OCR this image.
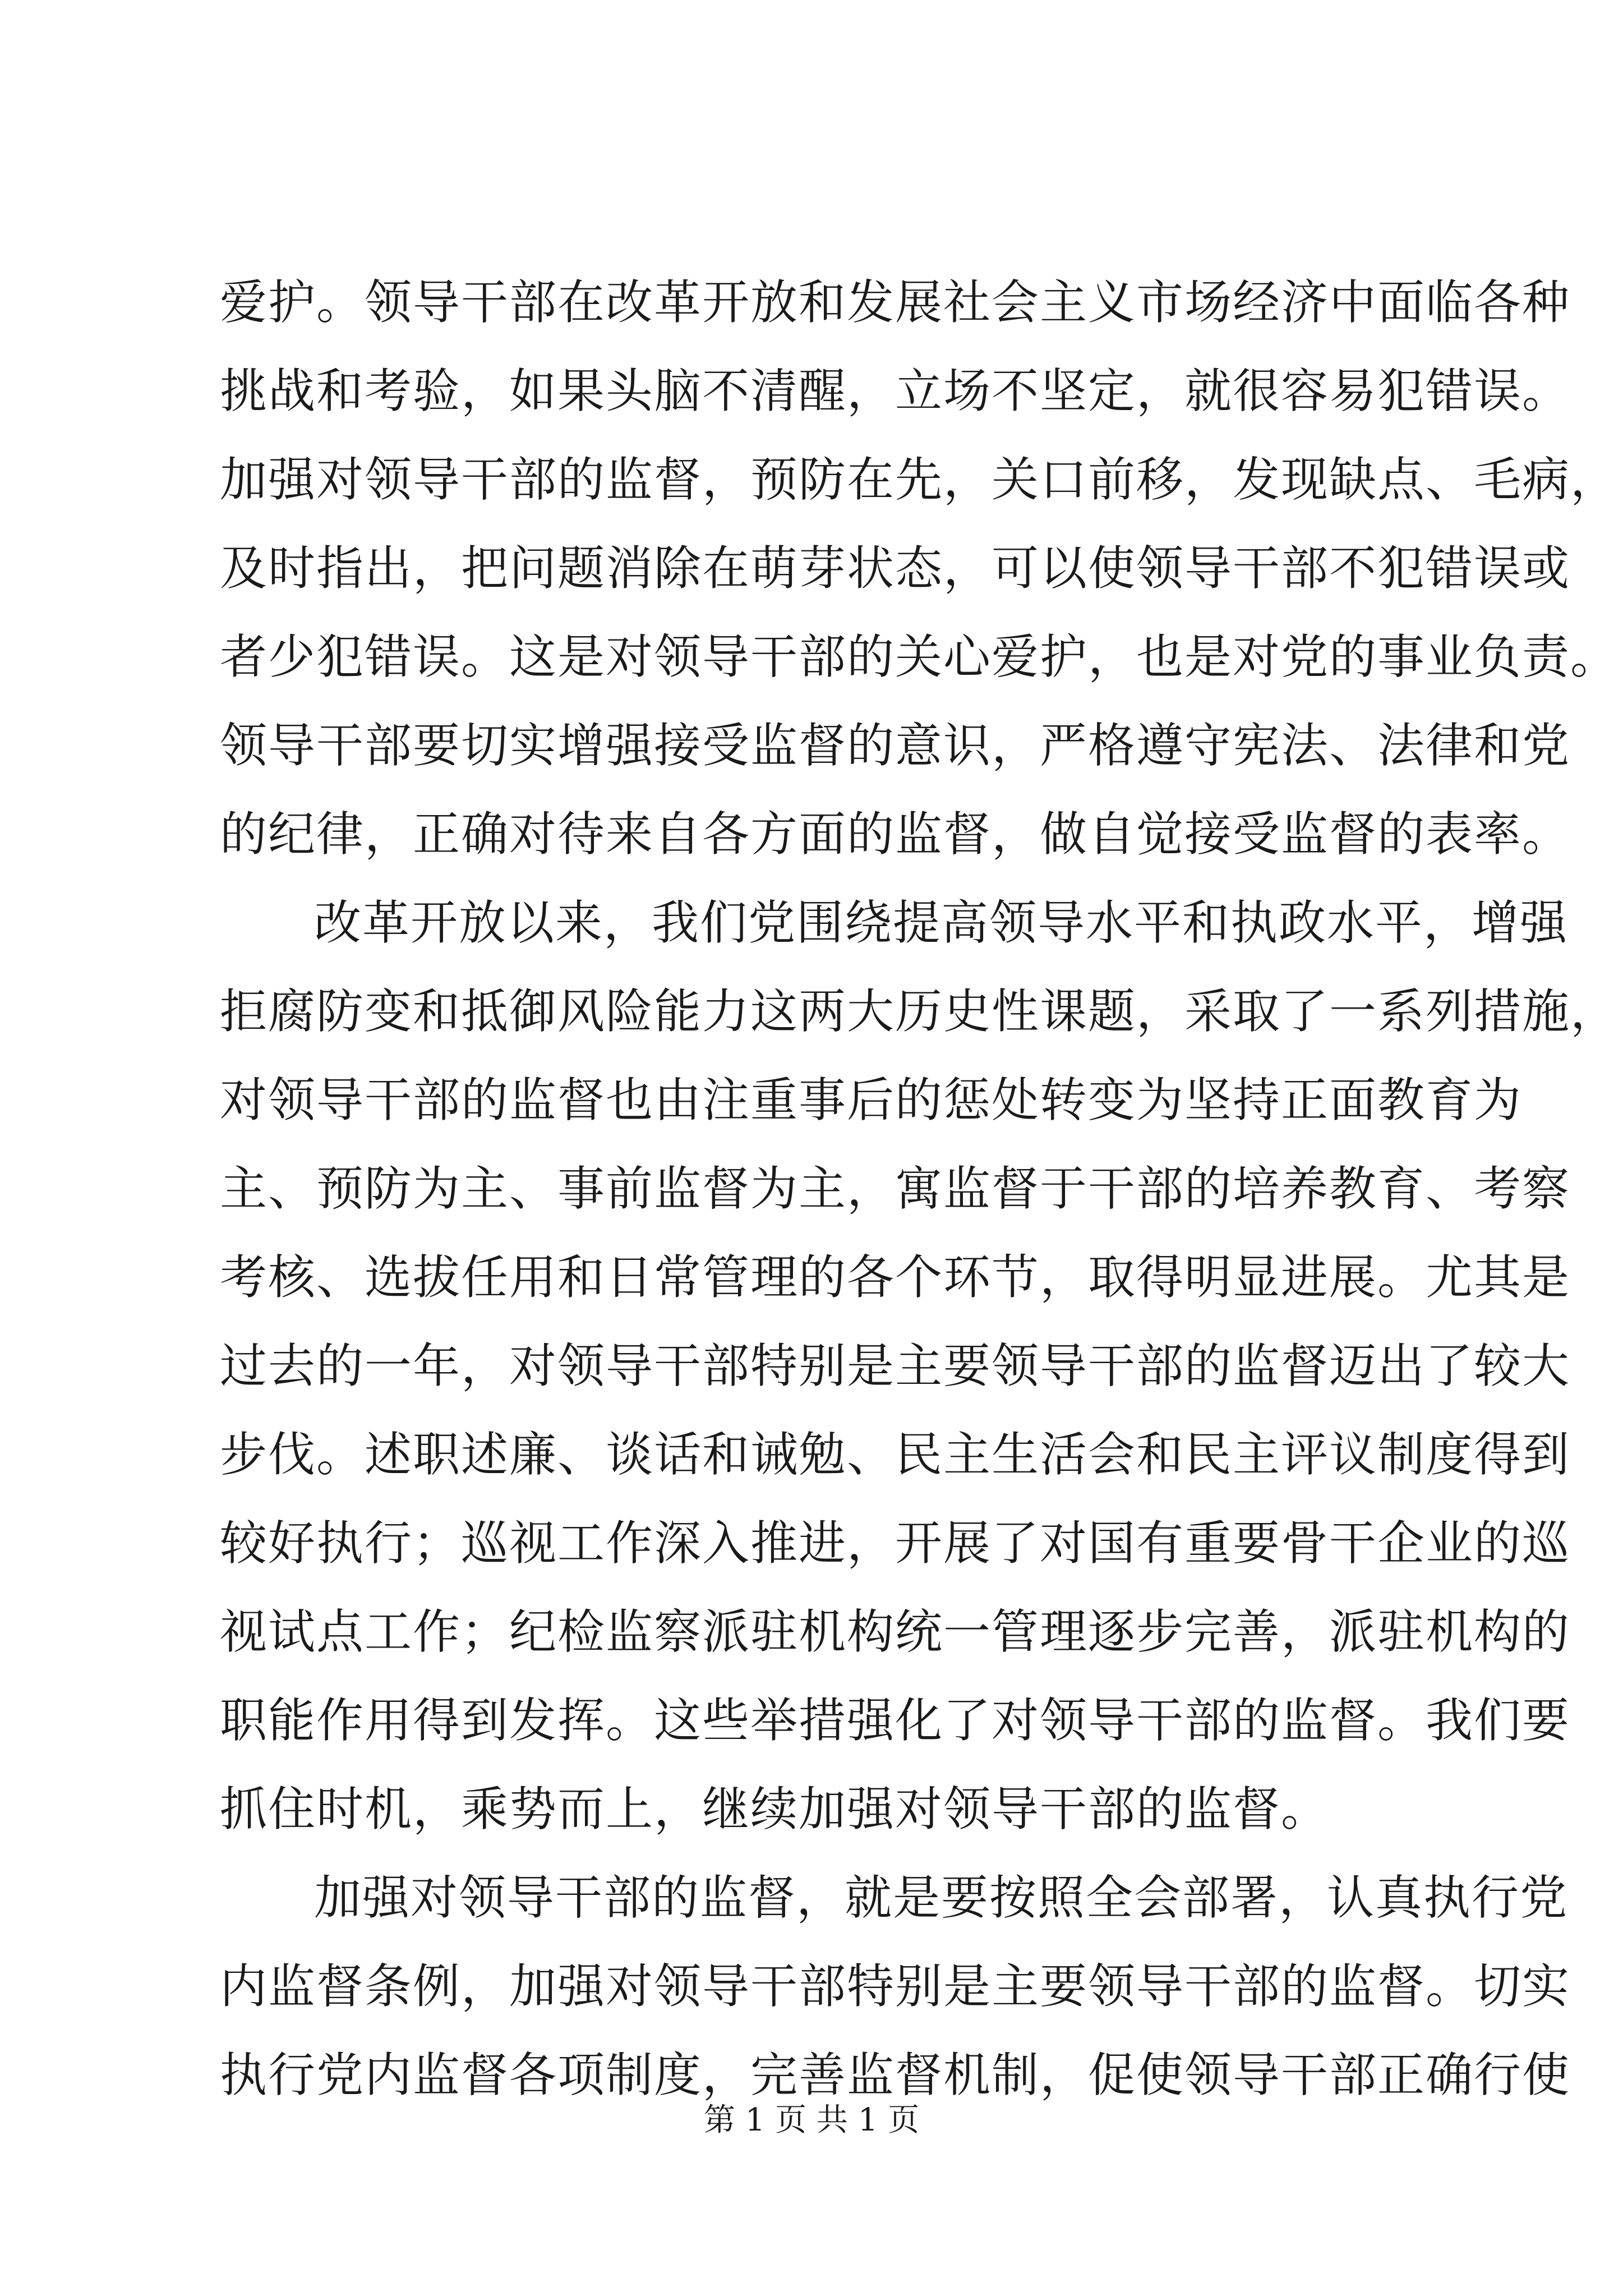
爱护。领导干部在改革开放和发展社会主义市场经济中面临各种
挑战和考验，如果头脑不清醒，立场不坚定，就很容易犯错误。
加强对领导干部的监督，预防在先，关口前移，发现缺点、毛病，
及时指出，把问题消除在萌芽状态，可以使领导干部不犯错误或
者少犯错误。这是对领导干部的关心爱护，也是对党的事业负责。
领导干部要切实增强接受监督的意识，严格遵守宪法、法律和党
的纪律，正确对待来自各方面的监督，做自觉接受监督的表率。
改革开放以来，我们党围绕提高领导水平和执政水平，增强
拒腐防变和抵御风险能力这两大历史性课题，采取了一系列措施，
对领导干部的监督也由注重事后的惩处转变为坚持正面教育为
主、预防为主、事前监督为主，寓监督于干部的培养教育、考察
考核、选拔任用和日常管理的各个环节，取得明显进展。尤其是
过去的一年，对领导干部特别是主要领导干部的监督迈出了较大
步伐。述职述廉、谈话和诫勉、民主生活会和民主评议制度得到
较好执行；巡视工作深入推进，开展了对国有重要骨干企业的巡
视试点工作；纪检监察派驻机构统一管理逐步完善，派驻机构的
职能作用得到发挥。这些举措强化了对领导干部的监督。我们要
抓住时机，乘势而上，继续加强对领导干部的监督。
加强对领导干部的监督，就是要按照全会部署，认真执行党
内监督条例，加强对领导干部特别是主要领导干部的监督。切实
执行党内监督各项制度，完善监督机制，促使领导干部正确行使
第 1 页 共 1 页
